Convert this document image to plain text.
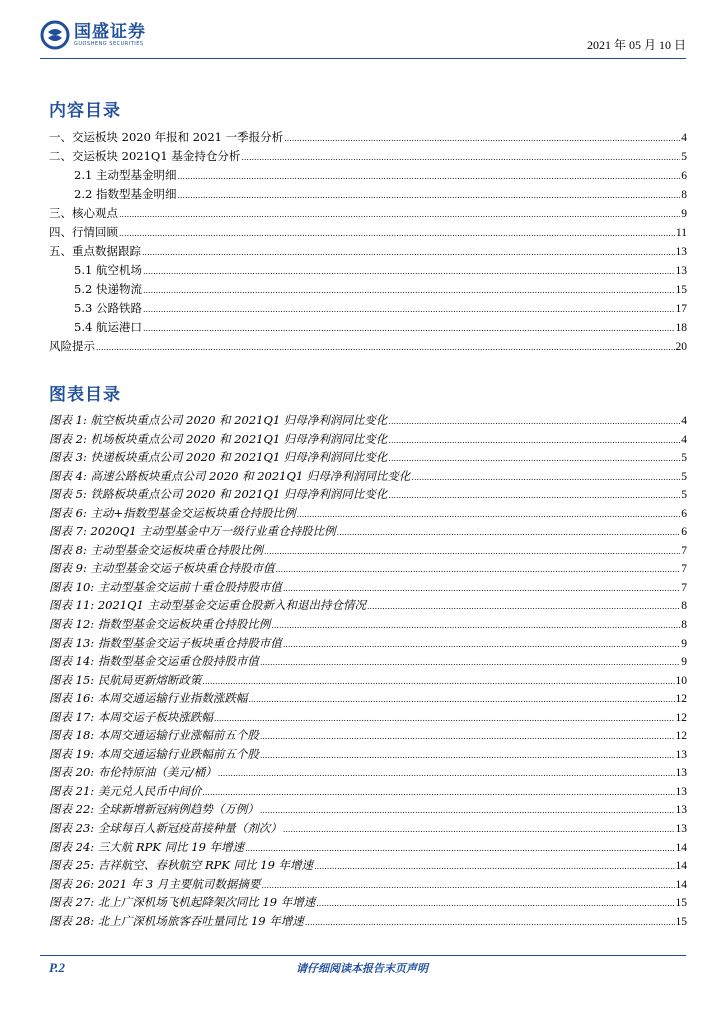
国盛证券
GUOSHENG SECURITIES	2021 年 05 月 10 日
内容目录
一、交运板块 2020 年报和 2021 一季报分析 .....	4
二、交运板块 2021Q1 基金持仓分析 .....	5
2.1 主动型基金明细 .....	6
2.2 指数型基金明细 .....	8
三、核心观点 .....	9
四、行情回顾 .....	11
五、重点数据跟踪 .....	13
5.1 航空机场 .....	13
5.2 快递物流 .....	15
5.3 公路铁路 .....	17
5.4 航运港口 .....	18
风险提示 .....	20
图表目录
图表 1: 航空板块重点公司 2020 和 2021Q1 归母净利润同比变化 .....	4
图表 2: 机场板块重点公司 2020 和 2021Q1 归母净利润同比变化 .....	4
图表 3: 快递板块重点公司 2020 和 2021Q1 归母净利润同比变化 .....	5
图表 4: 高速公路板块重点公司 2020 和 2021Q1 归母净利润同比变化 .....	5
图表 5: 铁路板块重点公司 2020 和 2021Q1 归母净利润同比变化 .....	5
图表 6: 主动+指数型基金交运板块重仓持股比例 .....	6
图表 7: 2020Q1 主动型基金中万一级行业重仓持股比例 .....	6
图表 8: 主动型基金交运板块重仓持股比例 .....	7
图表 9: 主动型基金交运子板块重仓持股市值 .....	7
图表 10: 主动型基金交运前十重仓股持股市值 .....	7
图表 11: 2021Q1 主动型基金交运重仓股新入和退出持仓情况 .....	8
图表 12: 指数型基金交运板块重仓持股比例 .....	8
图表 13: 指数型基金交运子板块重仓持股市值 .....	9
图表 14: 指数型基金交运重仓股持股市值 .....	9
图表 15: 民航局更新熔断政策 .....	10
图表 16: 本周交通运输行业指数涨跌幅 .....	12
图表 17: 本周交运子板块涨跌幅 .....	12
图表 18: 本周交通运输行业涨幅前五个股 .....	12
图表 19: 本周交通运输行业跌幅前五个股 .....	13
图表 20: 布伦特原油（美元/桶） .....	13
图表 21: 美元兑人民币中间价 .....	13
图表 22: 全球新增新冠病例趋势（万例） .....	13
图表 23: 全球每百人新冠疫苗接种量（剂次） .....	13
图表 24: 三大航 RPK 同比 19 年增速 .....	14
图表 25: 吉祥航空、春秋航空 RPK 同比 19 年增速 .....	14
图表 26: 2021 年 3 月主要航司数据摘要 .....	14
图表 27: 北上广深机场飞机起降架次同比 19 年增速 .....	15
图表 28: 北上广深机场旅客吞吐量同比 19 年增速 .....	15
请仔细阅读本报告末页声明
P.2
